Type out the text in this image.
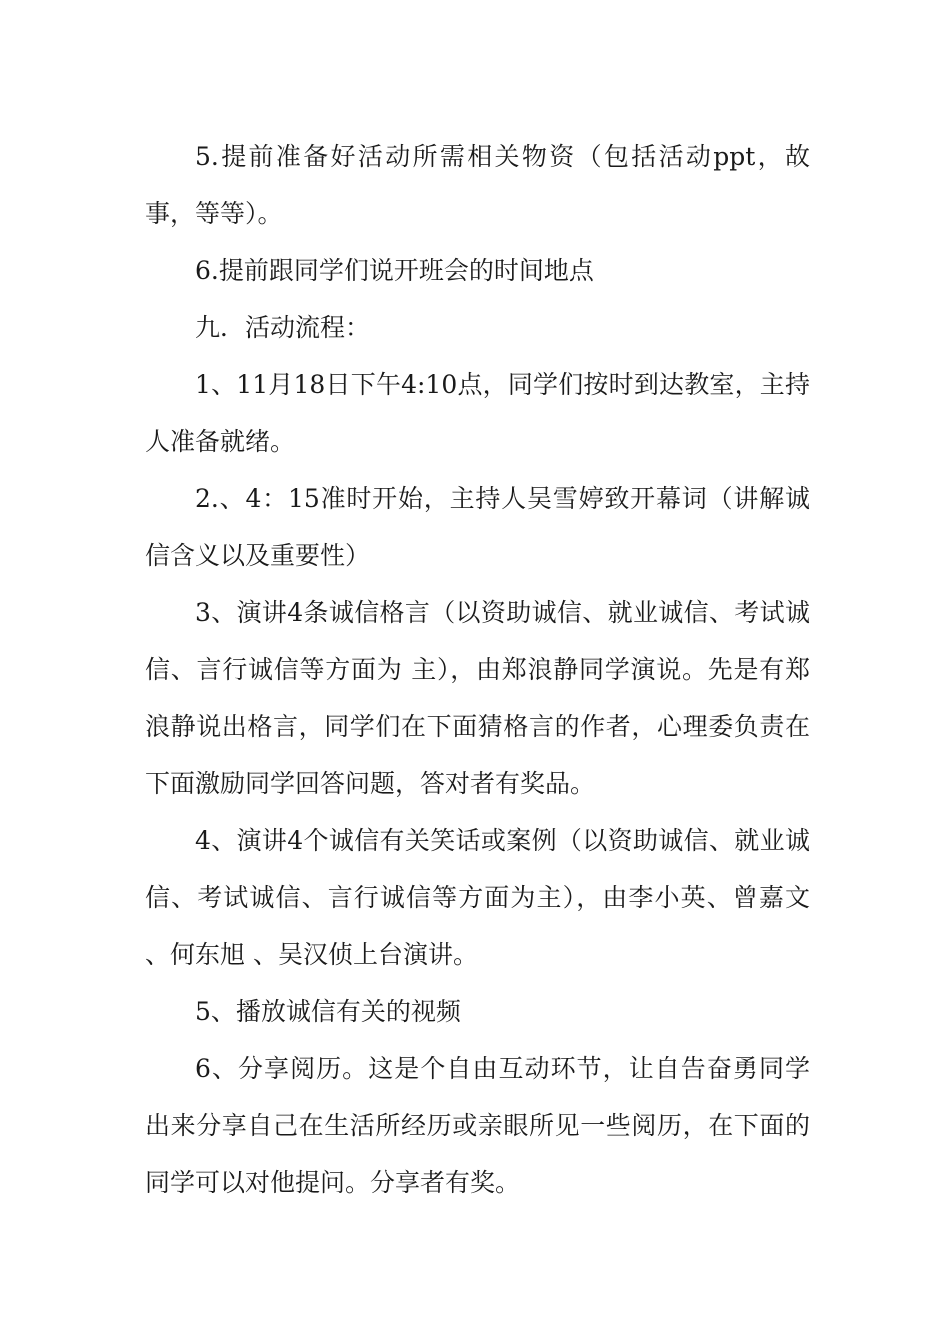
5.提前准备好活动所需相关物资（包括活动ppt，故事，等等）。

6.提前跟同学们说开班会的时间地点

九．活动流程：

1、11月18日下午4:10点，同学们按时到达教室，主持人准备就绪。

2.、4：15准时开始，主持人吴雪婷致开幕词（讲解诚信含义以及重要性）

3、演讲4条诚信格言（以资助诚信、就业诚信、考试诚信、言行诚信等方面为 主），由郑浪静同学演说。先是有郑浪静说出格言，同学们在下面猜格言的作者，心理委负责在下面激励同学回答问题，答对者有奖品。

4、演讲4个诚信有关笑话或案例（以资助诚信、就业诚信、考试诚信、言行诚信等方面为主），由李小英、曾嘉文 、何东旭 、吴汉侦上台演讲。

5、播放诚信有关的视频

6、分享阅历。这是个自由互动环节，让自告奋勇同学出来分享自己在生活所经历或亲眼所见一些阅历，在下面的同学可以对他提问。分享者有奖。
